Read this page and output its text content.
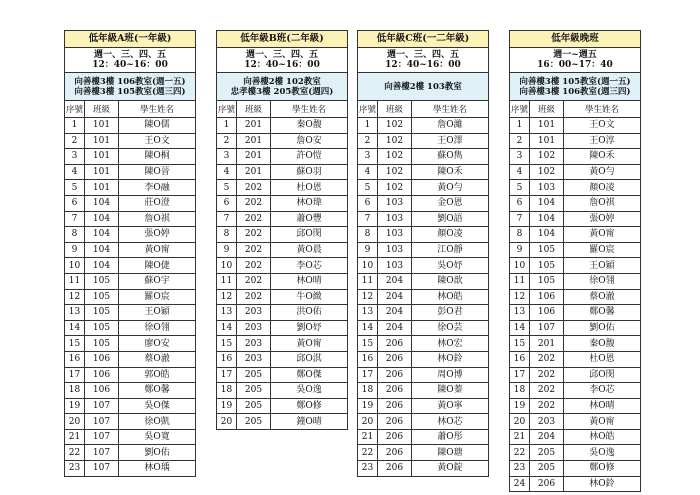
低年級A班(一年級)		

週一、三、四、五
12：40~16：00		

向善樓3樓 106教室(週一五)
向善樓3樓 105教室(週三四)		

序號	班級	學生姓名
1	101	陳O儒
2	101	王O文
3	101	陳O桐
4	101	陳O晉
5	101	李O融
6	104	莊O澄
7	104	詹O祺
8	104	張O婷
9	104	黃O甯
10	104	陳O倢
11	105	蘇O宇
12	105	羅O宸
13	105	王O穎
14	105	徐O翎
15	105	廖O安
16	106	蔡O澈
17	106	郭O皓
18	106	鄭O馨
19	107	吳O傑
20	107	徐O凱
21	107	吳O寬
22	107	劉O佑
23	107	林O瑀
低年級B班(二年級)		

週一、三、四、五
12：40~16：00		

向善樓2樓 102教室
忠孝樓3樓 205教室(週四)		

序號	班級	學生姓名
1	201	秦O馥
2	201	詹O安
3	201	許O愷
4	201	蘇O羽
5	202	杜O恩
6	202	林O瑋
7	202	蕭O豐
8	202	邱O閔
9	202	黃O晨
10	202	李O芯
11	202	林O晴
12	202	牛O緻
13	203	洪O佑
14	203	劉O妤
15	203	黃O甯
16	203	邱O淇
17	205	鄭O傑
18	205	吳O逸
19	205	鄭O修
20	205	鐘O晴
低年級C班(一二年級)		

週一、三、四、五
12：40~16：00		

向善樓2樓 103教室		

序號	班級	學生姓名
1	102	詹O濰
2	102	王O澤
3	102	蘇O雋
4	102	陳O禾
5	102	黃O勻
6	103	金O恩
7	103	劉O語
8	103	顏O凌
9	103	江O靜
10	103	吳O妤
11	204	陳O歆
12	204	林O皓
13	204	彭O君
14	204	徐O芸
15	206	林O宏
16	206	林O鈴
17	206	周O博
18	206	陳O蓁
19	206	黃O寧
20	206	林O芯
21	206	蕭O彤
22	206	陳O瑭
23	206	黃O錠
低年級晚班		

週一~週五
16：00~17：40		

向善樓3樓 105教室(週一五)
向善樓3樓 106教室(週三四)		

序號	班級	學生姓名
1	101	王O文
2	101	王O淳
3	102	陳O禾
4	102	黃O勻
5	103	顏O凌
6	104	詹O祺
7	104	張O婷
8	104	黃O甯
9	105	羅O宸
10	105	王O穎
11	105	徐O翎
12	106	蔡O澈
13	106	鄭O馨
14	107	劉O佑
15	201	秦O馥
16	202	杜O恩
17	202	邱O閔
18	202	李O芯
19	202	林O晴
20	203	黃O甯
21	204	林O皓
22	205	吳O逸
23	205	鄭O修
24	206	林O鈴
